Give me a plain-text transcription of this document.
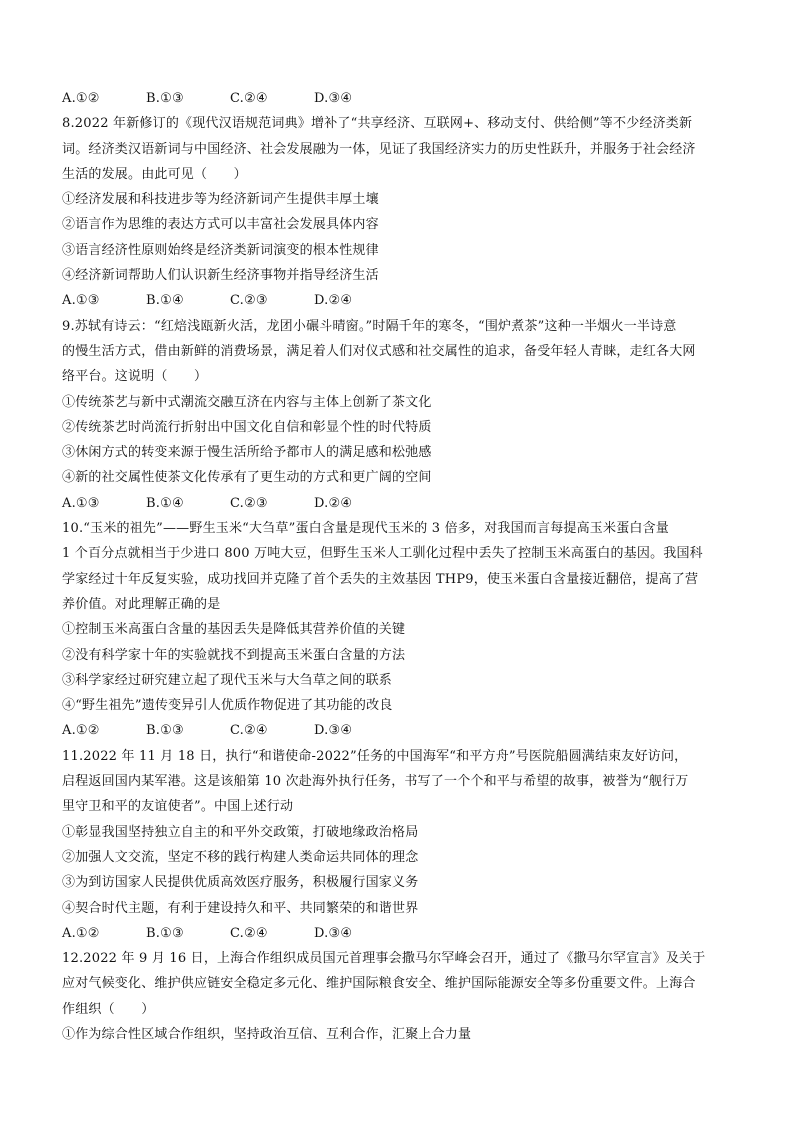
A.①②	B.①③	C.②④	D.③④
8.2022 年新修订的《现代汉语规范词典》增补了“共享经济、互联网+、移动支付、供给侧”等不少经济类新
词。经济类汉语新词与中国经济、社会发展融为一体，见证了我国经济实力的历史性跃升，并服务于社会经济
生活的发展。由此可见（　　）
①经济发展和科技进步等为经济新词产生提供丰厚土壤
②语言作为思维的表达方式可以丰富社会发展具体内容
③语言经济性原则始终是经济类新词演变的根本性规律
④经济新词帮助人们认识新生经济事物并指导经济生活
A.①③	B.①④	C.②③	D.②④
9.苏轼有诗云：“红焙浅瓯新火活，龙团小碾斗晴窗。”时隔千年的寒冬，“围炉煮茶”这种一半烟火一半诗意
的慢生活方式，借由新鲜的消费场景，满足着人们对仪式感和社交属性的追求，备受年轻人青睐，走红各大网
络平台。这说明（　　）
①传统茶艺与新中式潮流交融互济在内容与主体上创新了茶文化
②传统茶艺时尚流行折射出中国文化自信和彰显个性的时代特质
③休闲方式的转变来源于慢生活所给予都市人的满足感和松弛感
④新的社交属性使茶文化传承有了更生动的方式和更广阔的空间
A.①③	B.①④	C.②③	D.②④
10.“玉米的祖先”——野生玉米“大刍草”蛋白含量是现代玉米的 3 倍多，对我国而言每提高玉米蛋白含量
1 个百分点就相当于少进口 800 万吨大豆，但野生玉米人工驯化过程中丢失了控制玉米高蛋白的基因。我国科
学家经过十年反复实验，成功找回并克隆了首个丢失的主效基因 THP9，使玉米蛋白含量接近翻倍，提高了营
养价值。对此理解正确的是
①控制玉米高蛋白含量的基因丢失是降低其营养价值的关键
②没有科学家十年的实验就找不到提高玉米蛋白含量的方法
③科学家经过研究建立起了现代玉米与大刍草之间的联系
④“野生祖先”遗传变异引人优质作物促进了其功能的改良
A.①②	B.①③	C.②④	D.③④
11.2022 年 11 月 18 日，执行“和谐使命-2022”任务的中国海军“和平方舟”号医院船圆满结束友好访问，
启程返回国内某军港。这是该船第 10 次赴海外执行任务，书写了一个个和平与希望的故事，被誉为“舰行万
里守卫和平的友谊使者”。中国上述行动
①彰显我国坚持独立自主的和平外交政策，打破地缘政治格局
②加强人文交流，坚定不移的践行构建人类命运共同体的理念
③为到访国家人民提供优质高效医疗服务，积极履行国家义务
④契合时代主题，有利于建设持久和平、共同繁荣的和谐世界
A.①②	B.①③	C.②④	D.③④
12.2022 年 9 月 16 日，上海合作组织成员国元首理事会撒马尔罕峰会召开，通过了《撒马尔罕宣言》及关于
应对气候变化、维护供应链安全稳定多元化、维护国际粮食安全、维护国际能源安全等多份重要文件。上海合
作组织（　　）
①作为综合性区域合作组织，坚持政治互信、互利合作，汇聚上合力量
